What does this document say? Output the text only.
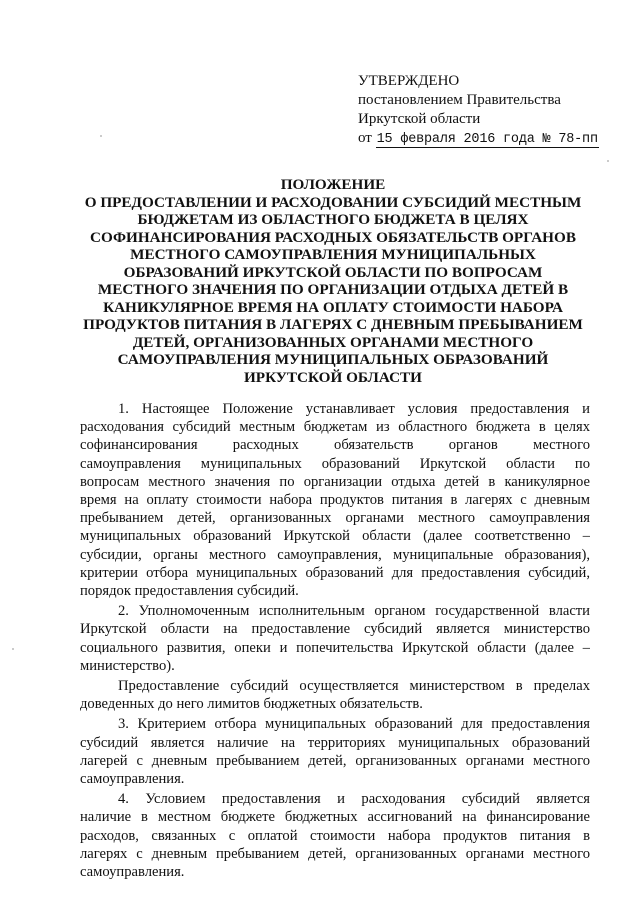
УТВЕРЖДЕНО
постановлением Правительства
Иркутской области
от 15 февраля 2016 года № 78-пп
ПОЛОЖЕНИЕ
О ПРЕДОСТАВЛЕНИИ И РАСХОДОВАНИИ СУБСИДИЙ МЕСТНЫМ
БЮДЖЕТАМ ИЗ ОБЛАСТНОГО БЮДЖЕТА В ЦЕЛЯХ
СОФИНАНСИРОВАНИЯ РАСХОДНЫХ ОБЯЗАТЕЛЬСТВ ОРГАНОВ
МЕСТНОГО САМОУПРАВЛЕНИЯ МУНИЦИПАЛЬНЫХ
ОБРАЗОВАНИЙ ИРКУТСКОЙ ОБЛАСТИ ПО ВОПРОСАМ
МЕСТНОГО ЗНАЧЕНИЯ ПО ОРГАНИЗАЦИИ ОТДЫХА ДЕТЕЙ В
КАНИКУЛЯРНОЕ ВРЕМЯ НА ОПЛАТУ СТОИМОСТИ НАБОРА
ПРОДУКТОВ ПИТАНИЯ В ЛАГЕРЯХ С ДНЕВНЫМ ПРЕБЫВАНИЕМ
ДЕТЕЙ, ОРГАНИЗОВАННЫХ ОРГАНАМИ МЕСТНОГО
САМОУПРАВЛЕНИЯ МУНИЦИПАЛЬНЫХ ОБРАЗОВАНИЙ
ИРКУТСКОЙ ОБЛАСТИ
1. Настоящее Положение устанавливает условия предоставления и
расходования субсидий местным бюджетам из областного бюджета в целях
софинансирования расходных обязательств органов местного
самоуправления муниципальных образований Иркутской области по
вопросам местного значения по организации отдыха детей в каникулярное
время на оплату стоимости набора продуктов питания в лагерях с дневным
пребыванием детей, организованных органами местного самоуправления
муниципальных образований Иркутской области (далее соответственно –
субсидии, органы местного самоуправления, муниципальные образования),
критерии отбора муниципальных образований для предоставления субсидий,
порядок предоставления субсидий.
2. Уполномоченным исполнительным органом государственной власти
Иркутской области на предоставление субсидий является министерство
социального развития, опеки и попечительства Иркутской области (далее –
министерство).
Предоставление субсидий осуществляется министерством в пределах
доведенных до него лимитов бюджетных обязательств.
3. Критерием отбора муниципальных образований для предоставления
субсидий является наличие на территориях муниципальных образований
лагерей с дневным пребыванием детей, организованных органами местного
самоуправления.
4. Условием предоставления и расходования субсидий является
наличие в местном бюджете бюджетных ассигнований на финансирование
расходов, связанных с оплатой стоимости набора продуктов питания в
лагерях с дневным пребыванием детей, организованных органами местного
самоуправления.
